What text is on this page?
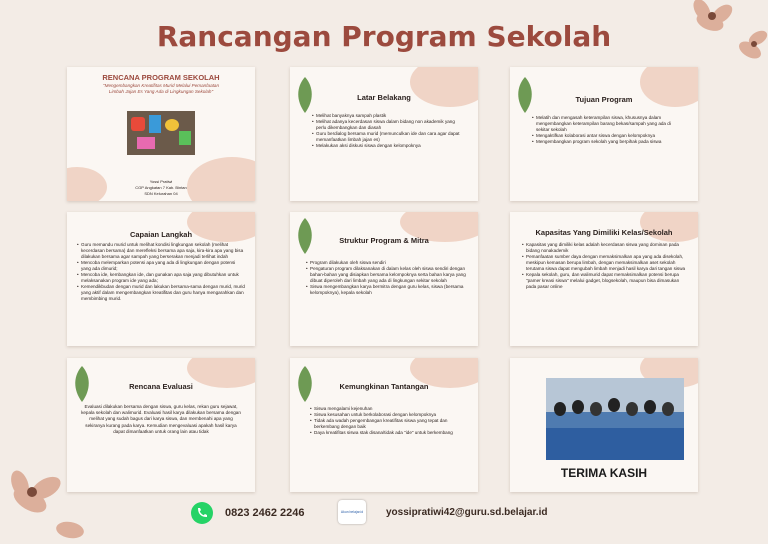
Rancangan Program Sekolah
RENCANA PROGRAM SEKOLAH

"Mengembangkan Kreatifitas Murid Melalui Pemanfaatan Limbah Jajan Es Yang Ada di Lingkungan Sekolah"

Yossi Pratiwi

CGP Angkatan 7 Kab. Bintan

SDN Kelurahan 04

Latar Belakang
• Melihat banyaknya sampah plastik
• Melihat adanya kecerdasan siswa dalam bidang non akademik yang perlu dikembangkan dan diasah
• Guru berdialog bersama murid (memunculkan ide dan cara agar dapat memanfaatkan limbah jajan es)
• Melakukan aksi diskusi siswa dengan kelompoknya
Tujuan Program
• Melatih dan mengasah keterampilan siswa, khususnya dalam mengembangkan keterampilan barang bekas/sampah yang ada di sekitar sekolah
• Mengaktifkan kolaborasi antar siswa dengan kelompoknya
• Mengembangkan program sekolah yang berpihak pada siswa
Capaian Langkah
• Guru memandu murid untuk melihat kondisi lingkungan sekolah (melihat kecerdasan bersama) dan merefleksi bersama apa saja, kira-kira apa yang bisa dilakukan bersama agar sampah yang berserakan menjadi terlihat indah
• Mencoba melemparkan potensi apa yang ada di lingkungan dengan potensi yang ada dimurid;
• Mencoba ide, kembangkan ide, dan gunakan apa saja yang dibutuhkan untuk melaksanakan program ide yang ada;
• Kemendikbudan dengan murid dan lakukan bersama-sama dengan murid, murid yang aktif dalam mengembangkan kreatifitas dan guru hanya mengarahkan dan membimbing murid.
Struktur Program & Mitra
• Program dilakukan oleh siswa sendiri
• Pengaturan program dilaksanakan di dalam kelas oleh siswa sendiri dengan bahan-bahan yang disiapkan bersama kelompoknya serta bahan karya yang dibuat diperoleh dari limbah yang ada di lingkungan sekitar sekolah
• Siswa mengembangkan karya bermitra dengan guru kelas, siswa (bersama kelompoknya), kepala sekolah
Kapasitas Yang Dimiliki Kelas/Sekolah
• Kapasitas yang dimiliki kelas adalah kecerdasan siswa yang dominan pada bidang nonakademik
• Pemanfaatan sumber daya dengan memaksimalkan apa yang ada disekolah, meskipun kemasan berupa limbah, dengan memaksimalkan aset sekolah terutama siswa dapat mengubah limbah menjadi hasil karya dari tangan siswa
• Kepala sekolah, guru, dan walimurid dapat memaksimalkan potensi berupa "pamer kreasi siswa" melalui gadget, blogsekolah, maupun bisa dimasukan pada pasar online
Rencana Evaluasi

Evaluasi dilakukan bersama dengan siswa, guru kelas, rekan guru sejawat, kepala sekolah dan walimurid. Evaluasi hasil karya dilakukan bersama dengan melihat yang sudah bagus dari karya siswa, dan membenahi apa yang sekiranya kurang pada karya. Kemudian mengevaluasi apakah hasil karya dapat dimanfaatkan untuk orang lain atau tidak

Kemungkinan Tantangan
• Siswa mengalami kejenuhan
• Siswa kesusahan untuk berkolaborasi dengan kelompoknya
• Tidak ada wadah pengembangan kreatifitas siswa yang tepat dan berkembang dengan baik
• Daya kreatifitas siswa stak disana/tidak ada "ide" untuk berkembang
TERIMA KASIH
0823 2462 2246	Akun belajar.id yossipratiwi42@guru.sd.belajar.id
